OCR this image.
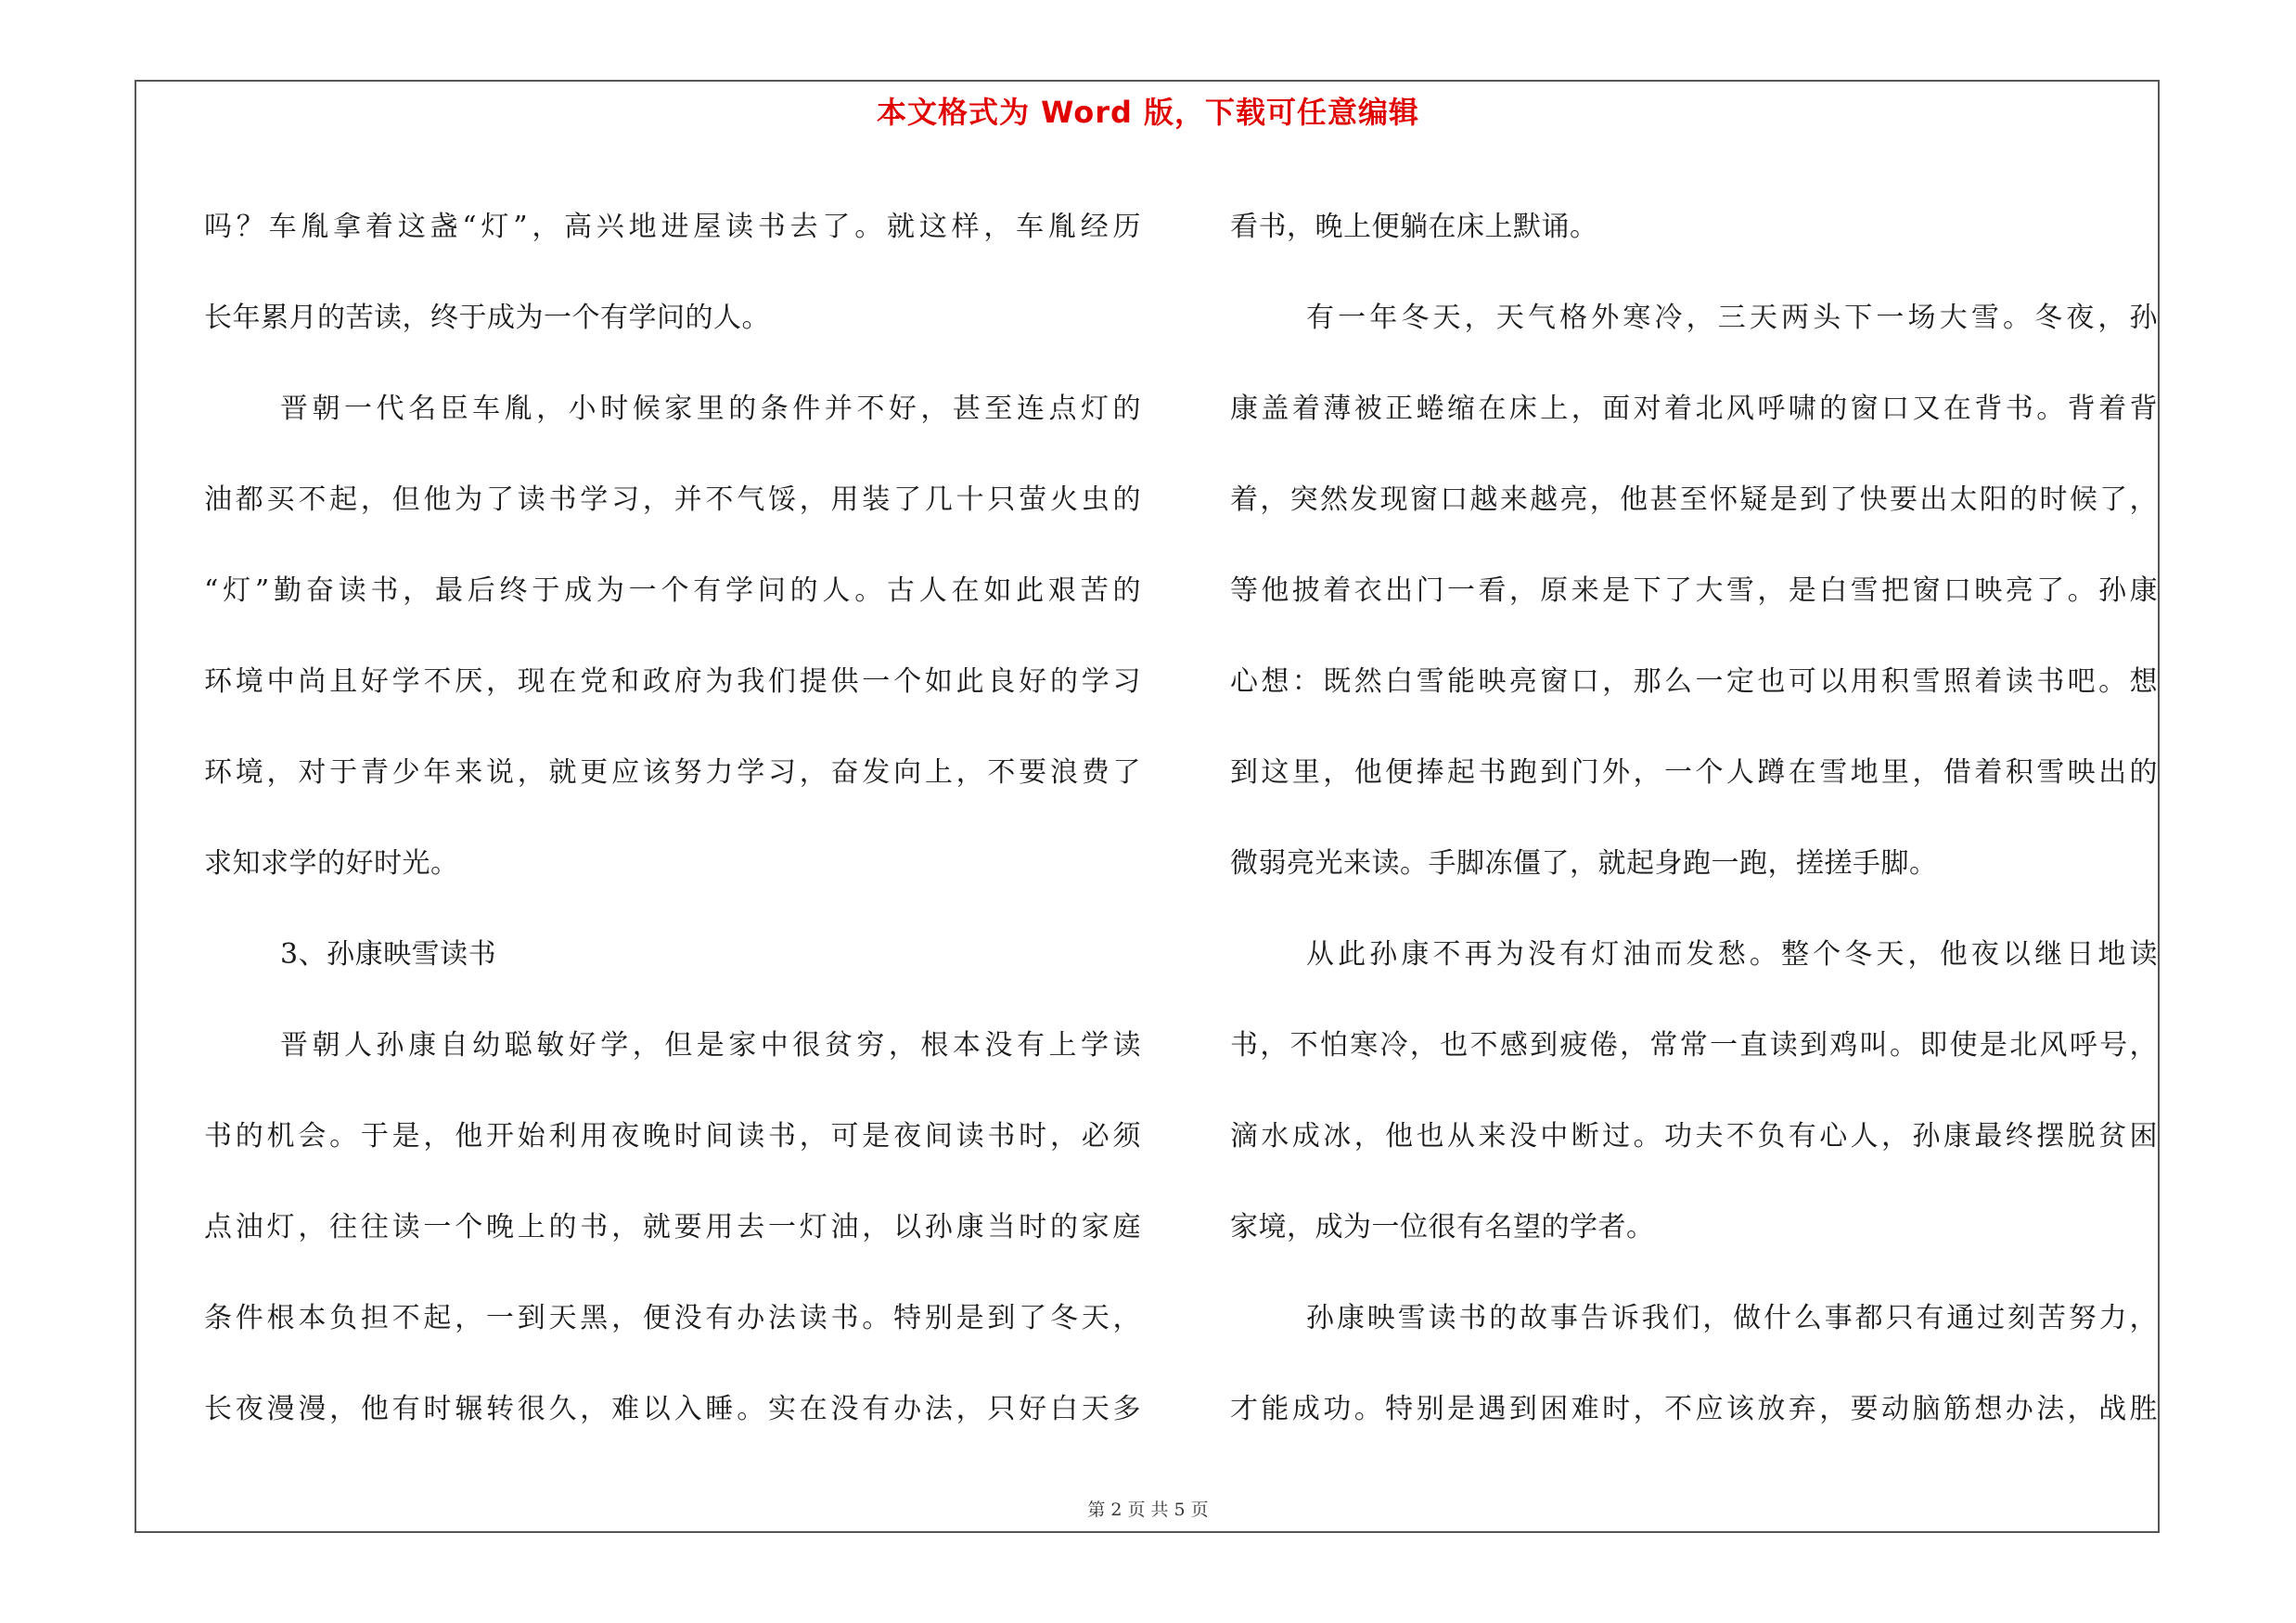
本文格式为 Word 版，下载可任意编辑
吗？车胤拿着这盏“灯”，高兴地进屋读书去了。就这样，车胤经历
长年累月的苦读，终于成为一个有学问的人。
晋朝一代名臣车胤，小时候家里的条件并不好，甚至连点灯的
油都买不起，但他为了读书学习，并不气馁，用装了几十只萤火虫的
“灯”勤奋读书，最后终于成为一个有学问的人。古人在如此艰苦的
环境中尚且好学不厌，现在党和政府为我们提供一个如此良好的学习
环境，对于青少年来说，就更应该努力学习，奋发向上，不要浪费了
求知求学的好时光。
3、孙康映雪读书
晋朝人孙康自幼聪敏好学，但是家中很贫穷，根本没有上学读
书的机会。于是，他开始利用夜晚时间读书，可是夜间读书时，必须
点油灯，往往读一个晚上的书，就要用去一灯油，以孙康当时的家庭
条件根本负担不起，一到天黑，便没有办法读书。特别是到了冬天，
长夜漫漫，他有时辗转很久，难以入睡。实在没有办法，只好白天多
看书，晚上便躺在床上默诵。
有一年冬天，天气格外寒冷，三天两头下一场大雪。冬夜，孙
康盖着薄被正蜷缩在床上，面对着北风呼啸的窗口又在背书。背着背
着，突然发现窗口越来越亮，他甚至怀疑是到了快要出太阳的时候了，
等他披着衣出门一看，原来是下了大雪，是白雪把窗口映亮了。孙康
心想：既然白雪能映亮窗口，那么一定也可以用积雪照着读书吧。想
到这里，他便捧起书跑到门外，一个人蹲在雪地里，借着积雪映出的
微弱亮光来读。手脚冻僵了，就起身跑一跑，搓搓手脚。
从此孙康不再为没有灯油而发愁。整个冬天，他夜以继日地读
书，不怕寒冷，也不感到疲倦，常常一直读到鸡叫。即使是北风呼号，
滴水成冰，他也从来没中断过。功夫不负有心人，孙康最终摆脱贫困
家境，成为一位很有名望的学者。
孙康映雪读书的故事告诉我们，做什么事都只有通过刻苦努力，
才能成功。特别是遇到困难时，不应该放弃，要动脑筋想办法，战胜
第 2 页 共 5 页
